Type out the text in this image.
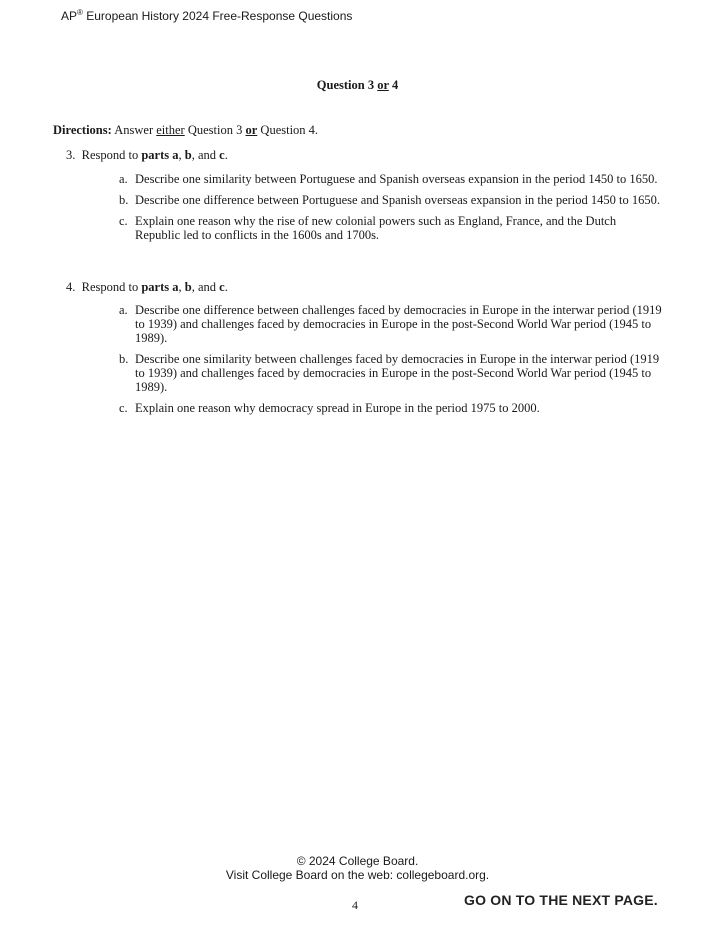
AP® European History 2024 Free-Response Questions
Question 3 or 4
Directions: Answer either Question 3 or Question 4.
3. Respond to parts a, b, and c.
a. Describe one similarity between Portuguese and Spanish overseas expansion in the period 1450 to 1650.
b. Describe one difference between Portuguese and Spanish overseas expansion in the period 1450 to 1650.
c. Explain one reason why the rise of new colonial powers such as England, France, and the Dutch Republic led to conflicts in the 1600s and 1700s.
4. Respond to parts a, b, and c.
a. Describe one difference between challenges faced by democracies in Europe in the interwar period (1919 to 1939) and challenges faced by democracies in Europe in the post-Second World War period (1945 to 1989).
b. Describe one similarity between challenges faced by democracies in Europe in the interwar period (1919 to 1939) and challenges faced by democracies in Europe in the post-Second World War period (1945 to 1989).
c. Explain one reason why democracy spread in Europe in the period 1975 to 2000.
© 2024 College Board.
Visit College Board on the web: collegeboard.org.
4	GO ON TO THE NEXT PAGE.
